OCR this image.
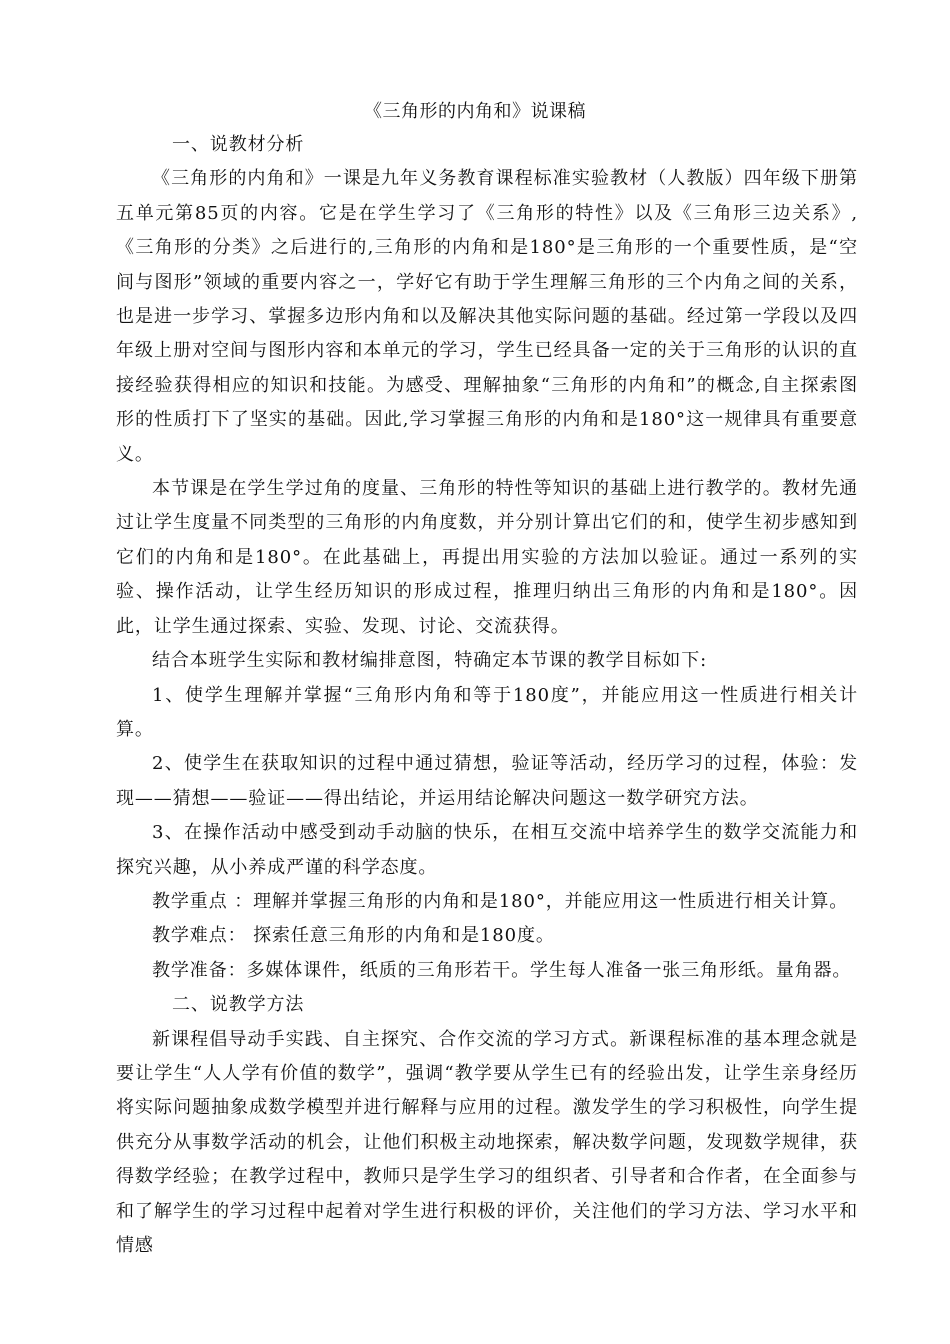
《三角形的内角和》说课稿

一、说教材分析

《三角形的内角和》一课是九年义务教育课程标准实验教材（人教版）四年级下册第五单元第85页的内容。它是在学生学习了《三角形的特性》以及《三角形三边关系》,《三角形的分类》之后进行的,三角形的内角和是180°是三角形的一个重要性质，是“空间与图形”领域的重要内容之一，学好它有助于学生理解三角形的三个内角之间的关系，也是进一步学习、掌握多边形内角和以及解决其他实际问题的基础。经过第一学段以及四年级上册对空间与图形内容和本单元的学习，学生已经具备一定的关于三角形的认识的直接经验获得相应的知识和技能。为感受、理解抽象“三角形的内角和”的概念,自主探索图形的性质打下了坚实的基础。因此,学习掌握三角形的内角和是180°这一规律具有重要意义。

本节课是在学生学过角的度量、三角形的特性等知识的基础上进行教学的。教材先通过让学生度量不同类型的三角形的内角度数，并分别计算出它们的和，使学生初步感知到它们的内角和是180°。在此基础上，再提出用实验的方法加以验证。通过一系列的实验、操作活动，让学生经历知识的形成过程，推理归纳出三角形的内角和是180°。因此，让学生通过探索、实验、发现、讨论、交流获得。

结合本班学生实际和教材编排意图，特确定本节课的教学目标如下:

1、使学生理解并掌握“三角形内角和等于180度”，并能应用这一性质进行相关计算。

2、使学生在获取知识的过程中通过猜想，验证等活动，经历学习的过程，体验：发现——猜想——验证——得出结论，并运用结论解决问题这一数学研究方法。

3、在操作活动中感受到动手动脑的快乐，在相互交流中培养学生的数学交流能力和探究兴趣，从小养成严谨的科学态度。

教学重点 ：理解并掌握三角形的内角和是180°，并能应用这一性质进行相关计算。

教学难点： 探索任意三角形的内角和是180度。

教学准备：多媒体课件，纸质的三角形若干。学生每人准备一张三角形纸。量角器。

二、说教学方法

新课程倡导动手实践、自主探究、合作交流的学习方式。新课程标准的基本理念就是要让学生“人人学有价值的数学”，强调“教学要从学生已有的经验出发，让学生亲身经历将实际问题抽象成数学模型并进行解释与应用的过程。激发学生的学习积极性，向学生提供充分从事数学活动的机会，让他们积极主动地探索，解决数学问题，发现数学规律，获得数学经验；在教学过程中，教师只是学生学习的组织者、引导者和合作者，在全面参与和了解学生的学习过程中起着对学生进行积极的评价，关注他们的学习方法、学习水平和情感
